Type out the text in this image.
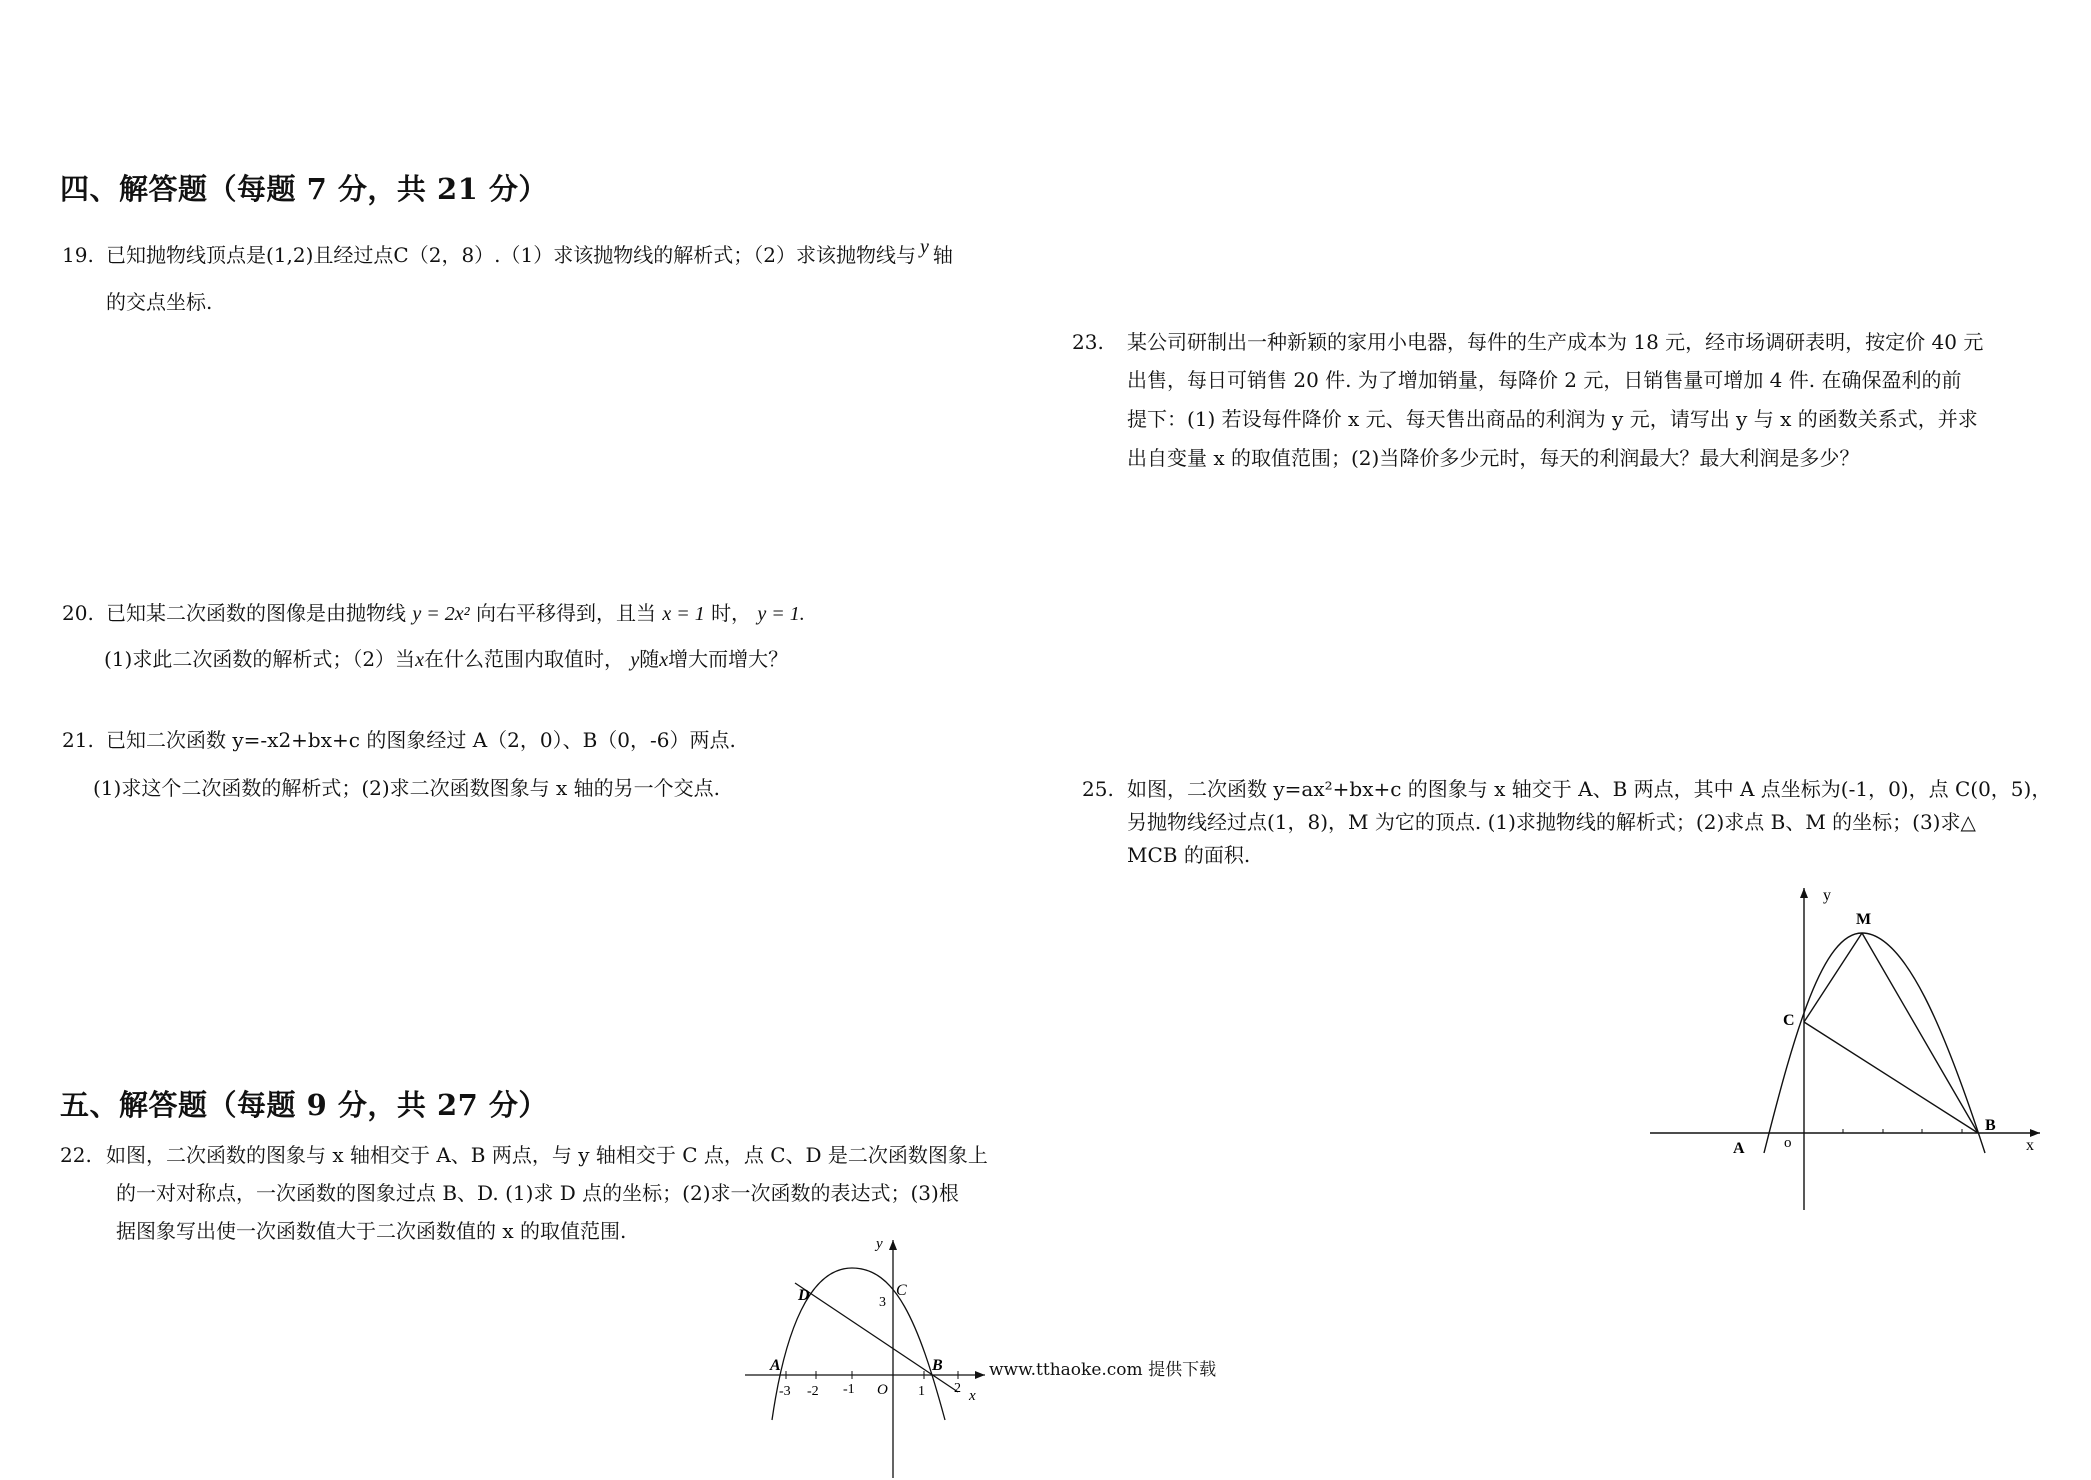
四、解答题（每题 7 分，共 21 分）
19. 已知抛物线顶点是(1,2)且经过点C（2，8）.（1）求该抛物线的解析式；（2）求该抛物线与 y 轴
的交点坐标.
23. 某公司研制出一种新颖的家用小电器，每件的生产成本为 18 元，经市场调研表明，按定价 40 元
出售，每日可销售 20 件. 为了增加销量，每降价 2 元，日销售量可增加 4 件. 在确保盈利的前
提下：(1) 若设每件降价 x 元、每天售出商品的利润为 y 元，请写出 y 与 x 的函数关系式，并求
出自变量 x 的取值范围；(2)当降价多少元时，每天的利润最大？最大利润是多少？
20. 已知某二次函数的图像是由抛物线 y = 2x² 向右平移得到，且当 x = 1 时， y = 1.
(1)求此二次函数的解析式；（2）当x在什么范围内取值时， y随x增大而增大？
21. 已知二次函数 y=-x2+bx+c 的图象经过 A（2，0）、B（0，-6）两点.
(1)求这个二次函数的解析式；(2)求二次函数图象与 x 轴的另一个交点.	25. 如图，二次函数 y=ax²+bx+c 的图象与 x 轴交于 A、B 两点，其中 A 点坐标为(-1，0)，点 C(0，5)，
另抛物线经过点(1，8)，M 为它的顶点. (1)求抛物线的解析式；(2)求点 B、M 的坐标；(3)求△
MCB 的面积.
五、解答题（每题 9 分，共 27 分）
22. 如图，二次函数的图象与 x 轴相交于 A、B 两点，与 y 轴相交于 C 点，点 C、D 是二次函数图象上
的一对对称点，一次函数的图象过点 B、D. (1)求 D 点的坐标；(2)求一次函数的表达式；(3)根
据图象写出使一次函数值大于二次函数值的 x 的取值范围.
www.tthaoke.com 提供下载
y
x
D	C
3
A	B
O
-3 -2 -1	1 2
y
x
M
C
A
B
o
